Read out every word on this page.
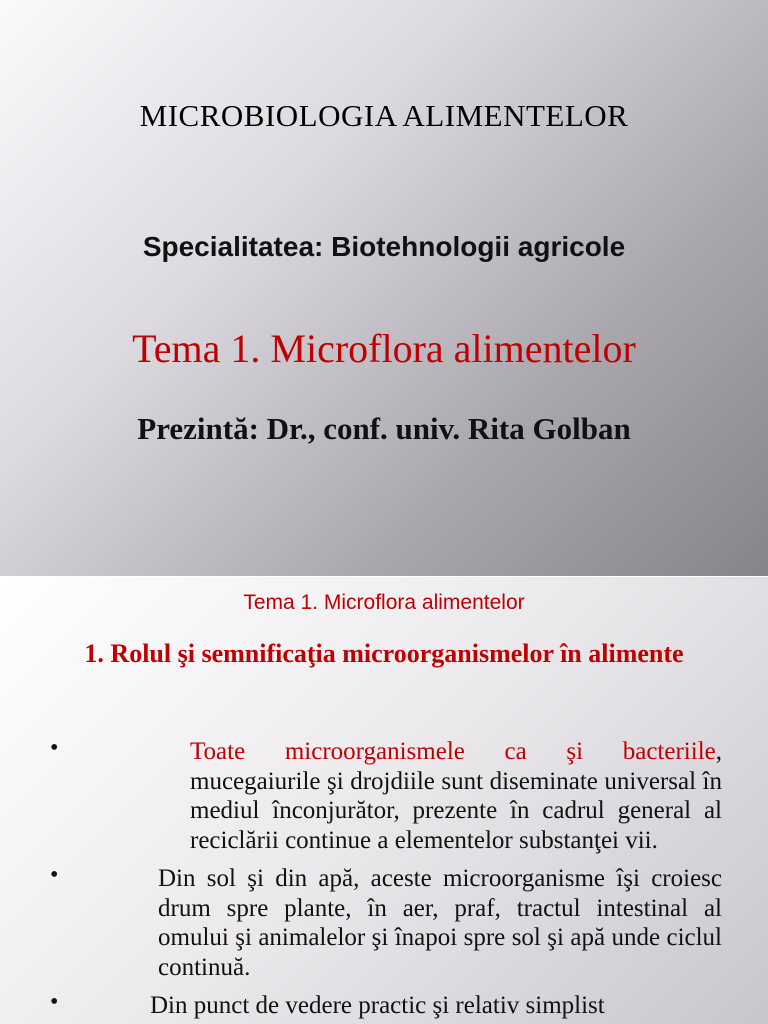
MICROBIOLOGIA ALIMENTELOR
Specialitatea: Biotehnologii agricole
Tema 1. Microflora alimentelor
Prezintă: Dr., conf. univ. Rita Golban
Tema 1. Microflora alimentelor
1. Rolul şi semnificaţia microorganismelor în alimente
•	Toate microorganismele ca şi bacteriile, mucegaiurile şi drojdiile sunt diseminate universal în mediul înconjurător, prezente în cadrul general al reciclării continue a elementelor substanţei vii.
•	Din sol şi din apă, aceste microorganisme îşi croiesc drum spre plante, în aer, praf, tractul intestinal al omului şi animalelor şi înapoi spre sol şi apă unde ciclul continuă.
•	Din punct de vedere practic şi relativ simplist
